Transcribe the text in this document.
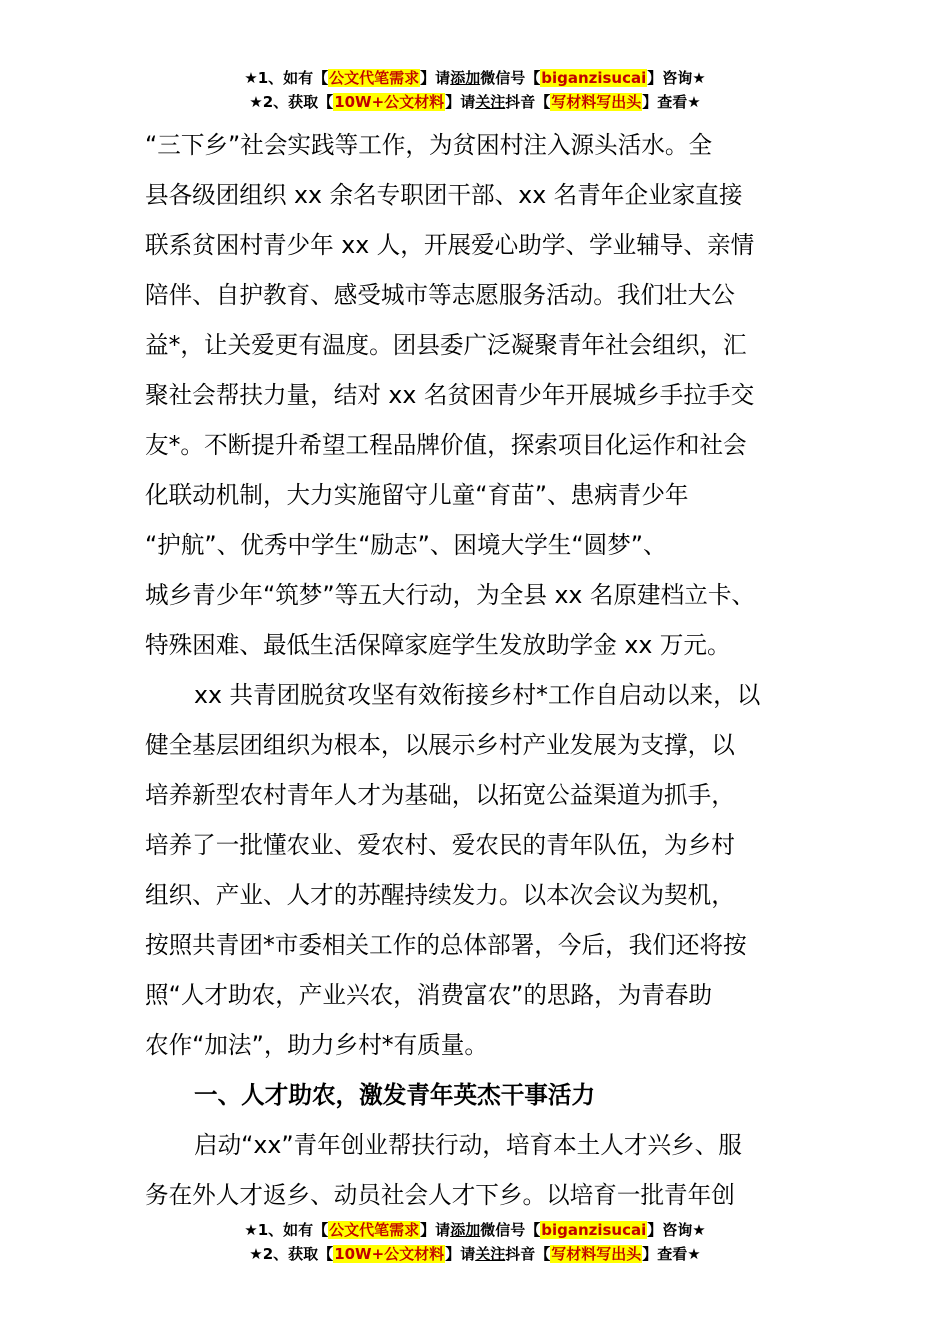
★1、如有【公文代笔需求】请添加微信号【biganzisucai】咨询★
★2、获取【10W+公文材料】请关注抖音【写材料写出头】查看★
“三下乡”社会实践等工作，为贫困村注入源头活水。全
县各级团组织 xx 余名专职团干部、xx 名青年企业家直接
联系贫困村青少年 xx 人，开展爱心助学、学业辅导、亲情
陪伴、自护教育、感受城市等志愿服务活动。我们壮大公
益*，让关爱更有温度。团县委广泛凝聚青年社会组织，汇
聚社会帮扶力量，结对 xx 名贫困青少年开展城乡手拉手交
友*。不断提升希望工程品牌价值，探索项目化运作和社会
化联动机制，大力实施留守儿童“育苗”、患病青少年
“护航”、优秀中学生“励志”、困境大学生“圆梦”、
城乡青少年“筑梦”等五大行动，为全县 xx 名原建档立卡、
特殊困难、最低生活保障家庭学生发放助学金 xx 万元。
xx 共青团脱贫攻坚有效衔接乡村*工作自启动以来，以
健全基层团组织为根本，以展示乡村产业发展为支撑，以
培养新型农村青年人才为基础，以拓宽公益渠道为抓手，
培养了一批懂农业、爱农村、爱农民的青年队伍，为乡村
组织、产业、人才的苏醒持续发力。以本次会议为契机，
按照共青团*市委相关工作的总体部署，今后，我们还将按
照“人才助农，产业兴农，消费富农”的思路，为青春助
农作“加法”，助力乡村*有质量。
一、人才助农，激发青年英杰干事活力
启动“xx”青年创业帮扶行动，培育本土人才兴乡、服
务在外人才返乡、动员社会人才下乡。以培育一批青年创
★1、如有【公文代笔需求】请添加微信号【biganzisucai】咨询★
★2、获取【10W+公文材料】请关注抖音【写材料写出头】查看★
